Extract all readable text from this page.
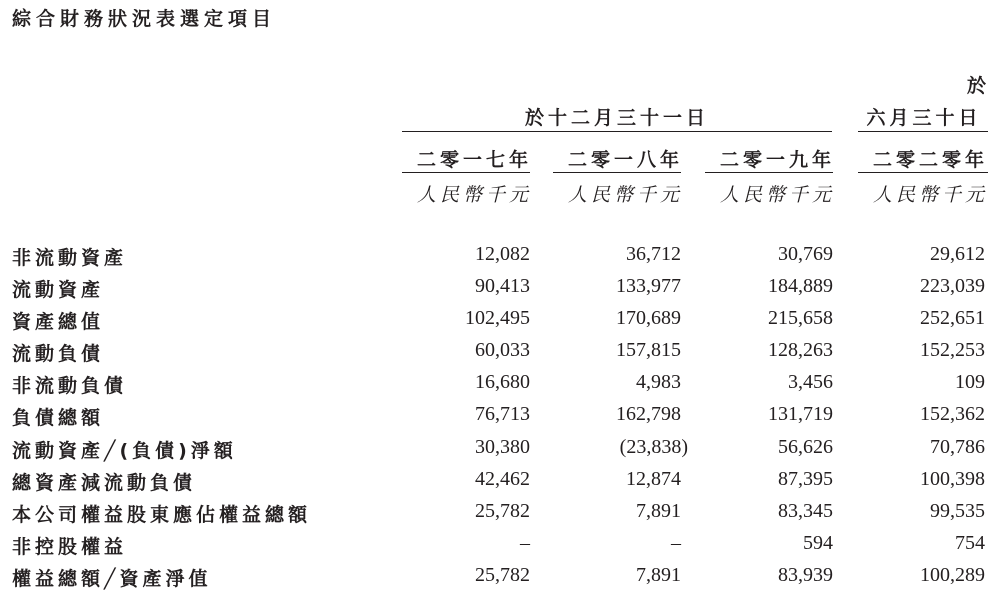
綜合財務狀況表選定項目
於十二月三十一日
於
六月三十日
二零一七年	二零一八年	二零一九年	二零二零年
人民幣千元	人民幣千元	人民幣千元	人民幣千元
非流動資產	12,082	36,712	30,769	29,612
流動資產	90,413	133,977	184,889	223,039
資產總值	102,495	170,689	215,658	252,651
流動負債	60,033	157,815	128,263	152,253
非流動負債	16,680	4,983	3,456	109
負債總額	76,713	162,798	131,719	152,362
流動資產╱(負債)淨額	30,380	(23,838)	56,626	70,786
總資產減流動負債	42,462	12,874	87,395	100,398
本公司權益股東應佔權益總額	25,782	7,891	83,345	99,535
非控股權益	–	–	594	754
權益總額╱資產淨值	25,782	7,891	83,939	100,289
